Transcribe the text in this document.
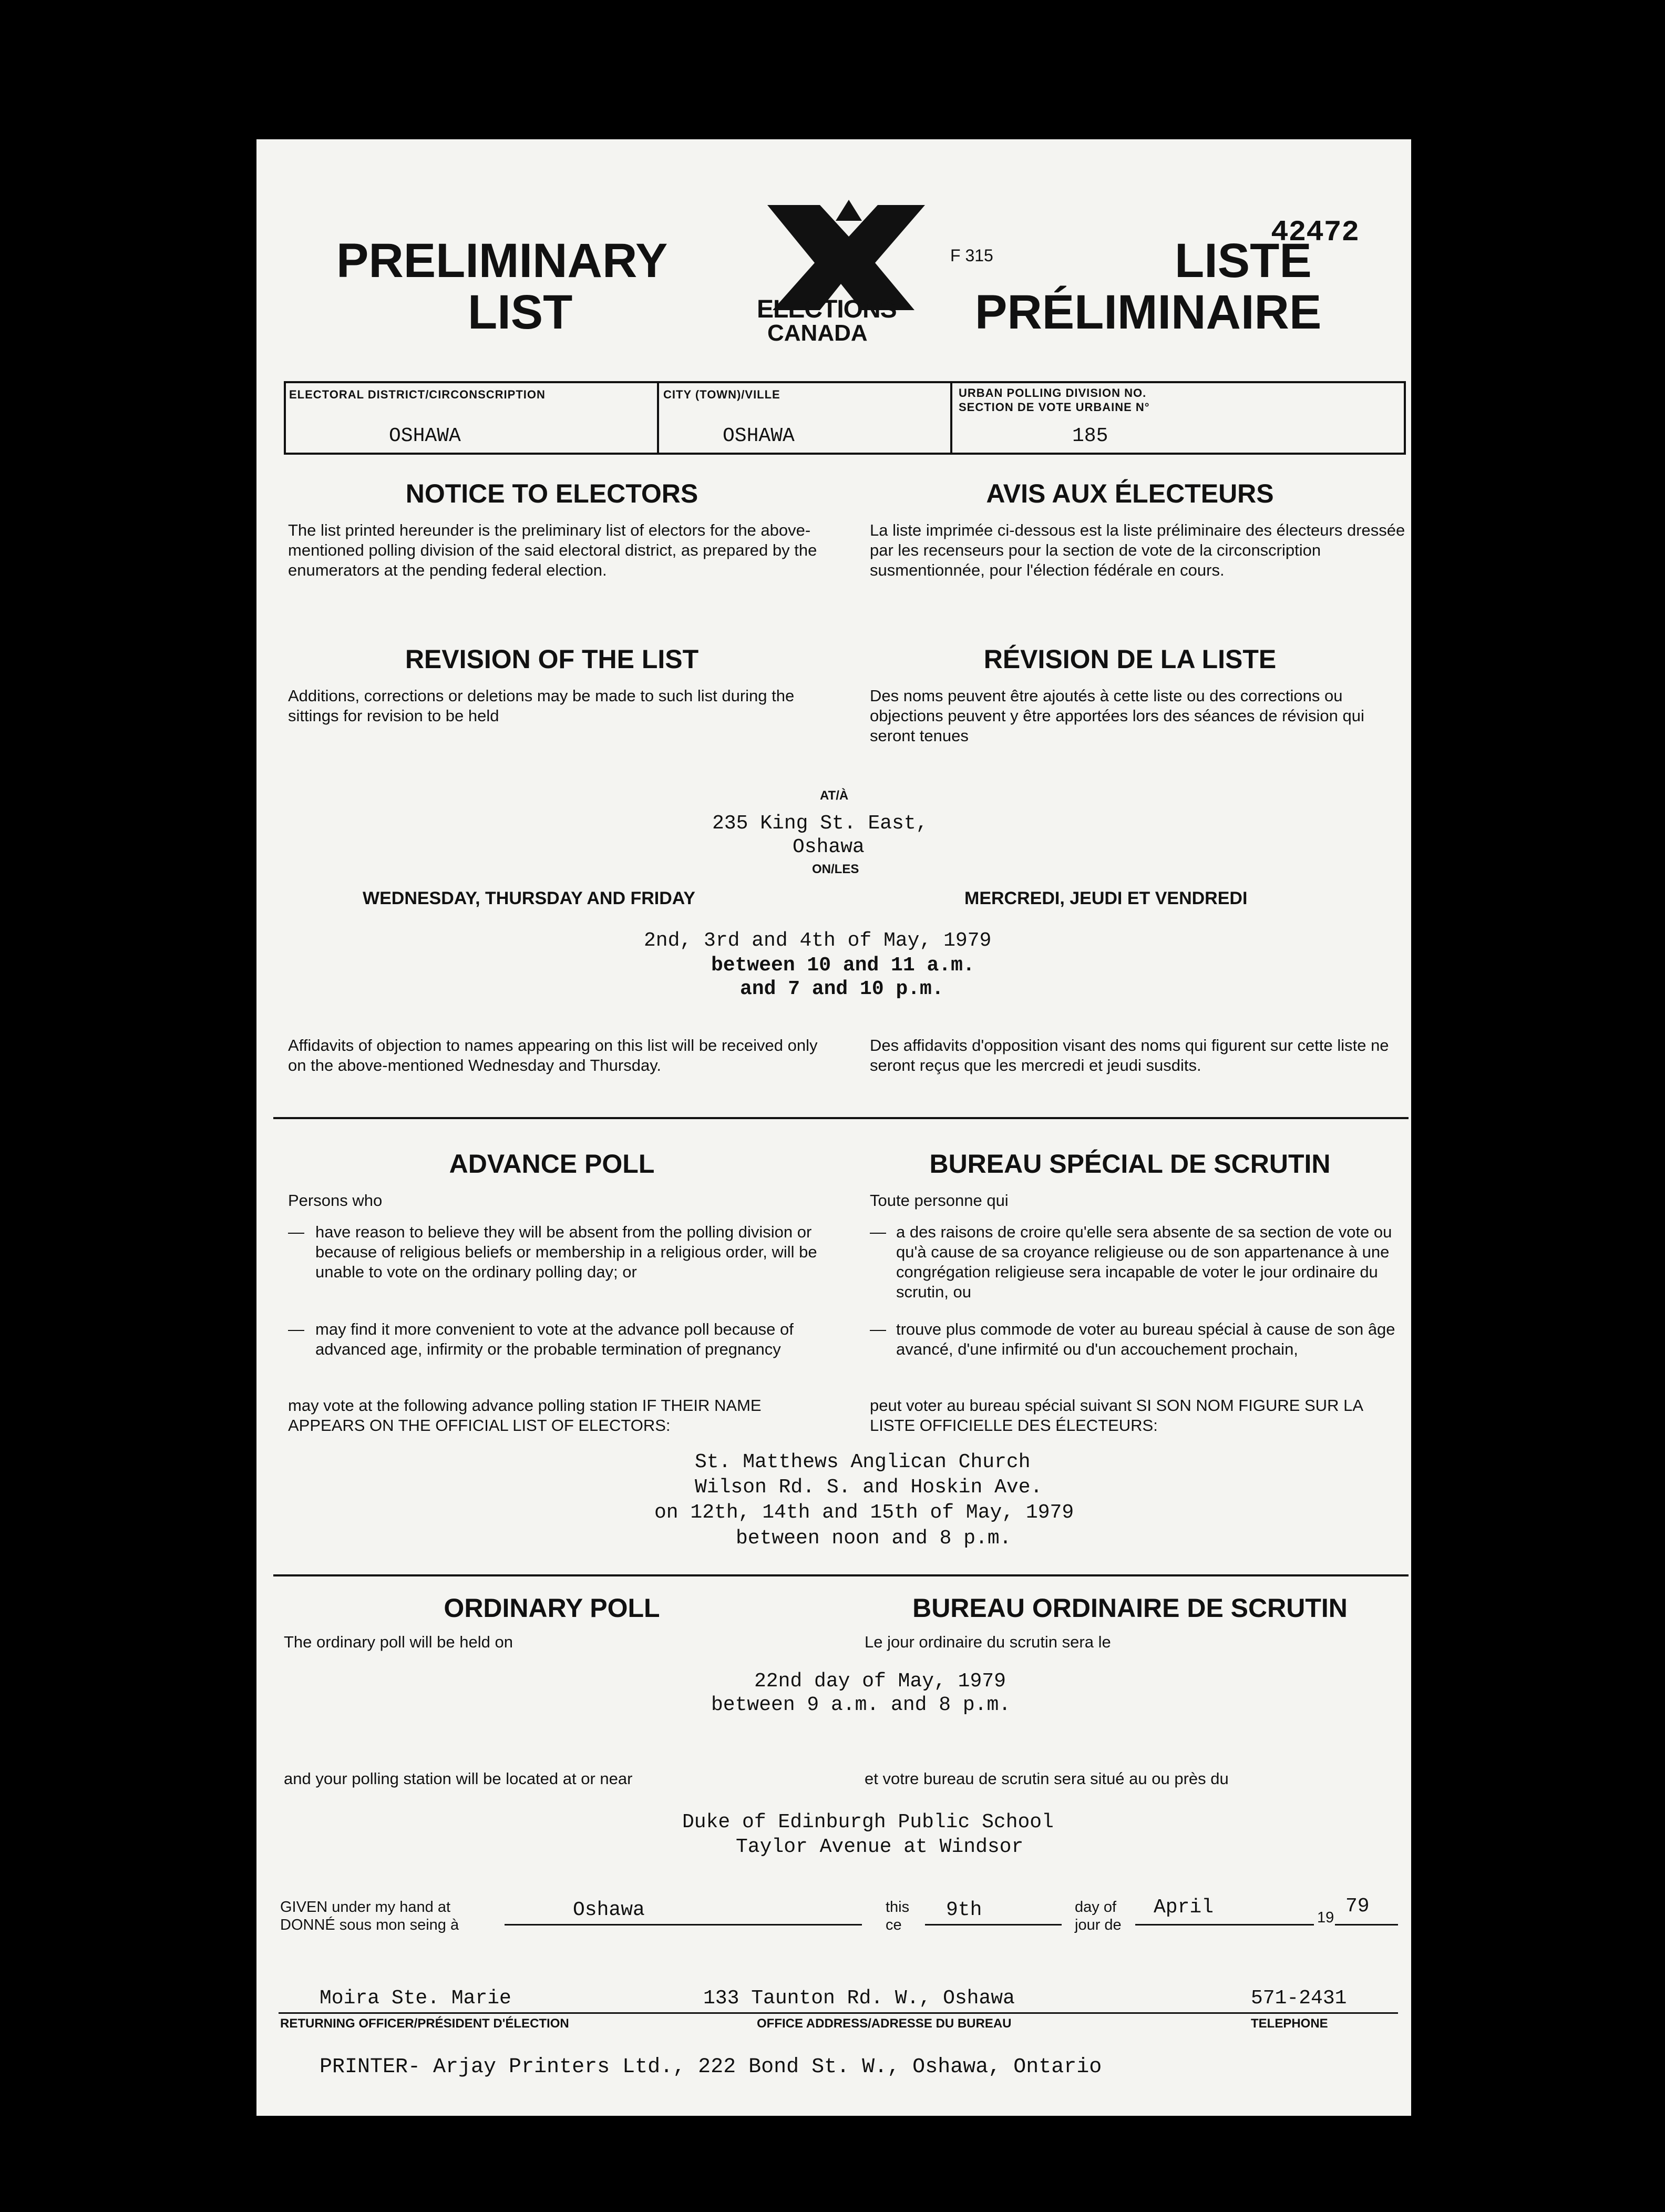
PRELIMINARY
LIST	ELECTIONS
CANADA
F 315
42472
LISTE
PRÉLIMINAIRE
ELECTORAL DISTRICT/CIRCONSCRIPTION
OSHAWA
CITY (TOWN)/VILLE
OSHAWA
URBAN POLLING DIVISION NO.
SECTION DE VOTE URBAINE N°
185
NOTICE TO ELECTORS	AVIS AUX ÉLECTEURS
The list printed hereunder is the preliminary list of electors for the above-mentioned polling division of the said electoral district, as prepared by the enumerators at the pending federal election.
La liste imprimée ci-dessous est la liste préliminaire des électeurs dressée par les recenseurs pour la section de vote de la circonscription susmentionnée, pour l'élection fédérale en cours.
REVISION OF THE LIST	RÉVISION DE LA LISTE
Additions, corrections or deletions may be made to such list during the sittings for revision to be held
Des noms peuvent être ajoutés à cette liste ou des corrections ou objections peuvent y être apportées lors des séances de révision qui seront tenues
AT/À
235 King St. East,
Oshawa
ON/LES
WEDNESDAY, THURSDAY AND FRIDAY	MERCREDI, JEUDI ET VENDREDI
2nd, 3rd and 4th of May, 1979
between 10 and 11 a.m.
and 7 and 10 p.m.
Affidavits of objection to names appearing on this list will be received only on the above-mentioned Wednesday and Thursday.
Des affidavits d'opposition visant des noms qui figurent sur cette liste ne seront reçus que les mercredi et jeudi susdits.
ADVANCE POLL	BUREAU SPÉCIAL DE SCRUTIN
Persons who	Toute personne qui
— have reason to believe they will be absent from the polling division or because of religious beliefs or membership in a religious order, will be unable to vote on the ordinary polling day; or
— may find it more convenient to vote at the advance poll because of advanced age, infirmity or the probable termination of pregnancy
— a des raisons de croire qu'elle sera absente de sa section de vote ou qu'à cause de sa croyance religieuse ou de son appartenance à une congrégation religieuse sera incapable de voter le jour ordinaire du scrutin, ou
— trouve plus commode de voter au bureau spécial à cause de son âge avancé, d'une infirmité ou d'un accouchement prochain,
may vote at the following advance polling station IF THEIR NAME APPEARS ON THE OFFICIAL LIST OF ELECTORS:
peut voter au bureau spécial suivant SI SON NOM FIGURE SUR LA LISTE OFFICIELLE DES ÉLECTEURS:
St. Matthews Anglican Church
Wilson Rd. S. and Hoskin Ave.
on 12th, 14th and 15th of May, 1979
between noon and 8 p.m.
ORDINARY POLL	BUREAU ORDINAIRE DE SCRUTIN
The ordinary poll will be held on	Le jour ordinaire du scrutin sera le
22nd day of May, 1979
between 9 a.m. and 8 p.m.
and your polling station will be located at or near	et votre bureau de scrutin sera situé au ou près du
Duke of Edinburgh Public School
Taylor Avenue at Windsor
GIVEN under my hand at
DONNÉ sous mon seing à
Oshawa	this
ce
9th	day of
jour de
April	19 79
Moira Ste. Marie	133 Taunton Rd. W., Oshawa	571-2431
RETURNING OFFICER/PRÉSIDENT D'ÉLECTION	OFFICE ADDRESS/ADRESSE DU BUREAU	TELEPHONE
PRINTER- Arjay Printers Ltd., 222 Bond St. W., Oshawa, Ontario
